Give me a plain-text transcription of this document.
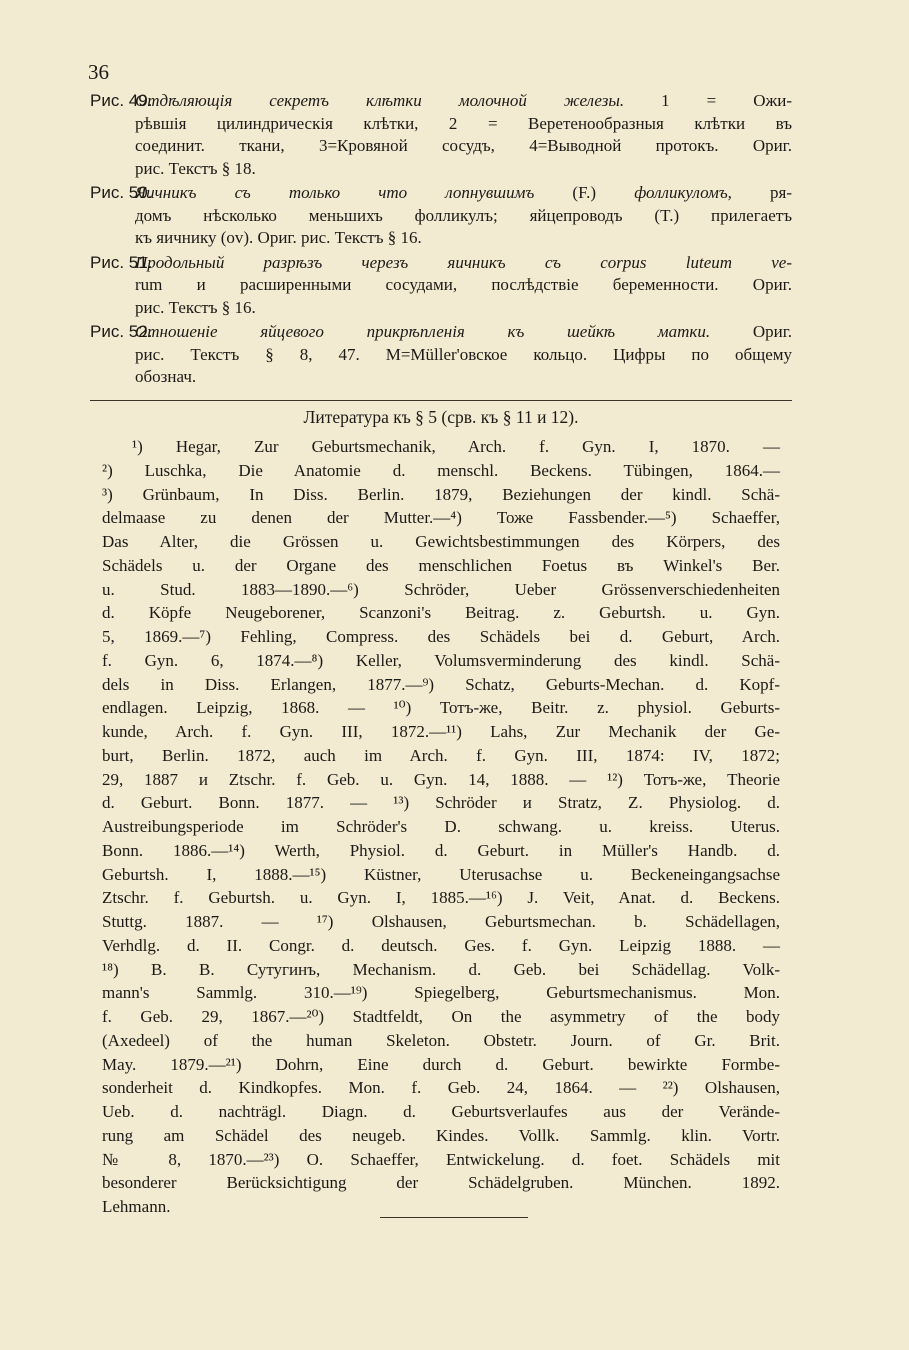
36
Рис. 49.
Отдѣляющія секретъ клѣтки молочной железы. 1 = Ожи-
рѣвшія цилиндрическія клѣтки, 2 = Веретенообразныя клѣтки въ
соединит. ткани, 3=Кровяной сосудъ, 4=Выводной протокъ. Ориг.
рис. Текстъ § 18.
Рис. 50.
Яичникъ съ только что лопнувшимъ (F.) фолликуломъ, ря-
домъ нѣсколько меньшихъ фолликулъ; яйцепроводъ (T.) прилегаетъ
къ яичнику (ov). Ориг. рис. Текстъ § 16.
Рис. 51.
Продольный разрѣзъ черезъ яичникъ съ corpus luteum ve-
rum и расширенными сосудами, послѣдствіе беременности. Ориг.
рис. Текстъ § 16.
Рис. 52.
Отношеніе яйцевого прикрѣпленія къ шейкѣ матки. Ориг.
рис. Текстъ § 8, 47. M=Müller'овское кольцо. Цифры по общему
обознач.
Литература къ § 5 (срв. къ § 11 и 12).
¹) Hegar, Zur Geburtsmechanik, Arch. f. Gyn. I, 1870. —
²) Luschka, Die Anatomie d. menschl. Beckens. Tübingen, 1864.—
³) Grünbaum, In Diss. Berlin. 1879, Beziehungen der kindl. Schä-
delmaase zu denen der Mutter.—⁴) Тоже Fassbender.—⁵) Schaeffer,
Das Alter, die Grössen u. Gewichtsbestimmungen des Körpers, des
Schädels u. der Organe des menschlichen Foetus въ Winkel's Ber.
u. Stud. 1883—1890.—⁶) Schröder, Ueber Grössenverschiedenheiten
d. Köpfe Neugeborener, Scanzoni's Beitrag. z. Geburtsh. u. Gyn.
5, 1869.—⁷) Fehling, Compress. des Schädels bei d. Geburt, Arch.
f. Gyn. 6, 1874.—⁸) Keller, Volumsverminderung des kindl. Schä-
dels in Diss. Erlangen, 1877.—⁹) Schatz, Geburts-Mechan. d. Kopf-
endlagen. Leipzig, 1868. — ¹⁰) Тотъ-же, Beitr. z. physiol. Geburts-
kunde, Arch. f. Gyn. III, 1872.—¹¹) Lahs, Zur Mechanik der Ge-
burt, Berlin. 1872, auch im Arch. f. Gyn. III, 1874: IV, 1872;
29, 1887 и Ztschr. f. Geb. u. Gyn. 14, 1888. — ¹²) Тотъ-же, Theorie
d. Geburt. Bonn. 1877. — ¹³) Schröder и Stratz, Z. Physiolog. d.
Austreibungsperiode im Schröder's D. schwang. u. kreiss. Uterus.
Bonn. 1886.—¹⁴) Werth, Physiol. d. Geburt. in Müller's Handb. d.
Geburtsh. I, 1888.—¹⁵) Küstner, Uterusachse u. Beckeneingangsachse
Ztschr. f. Geburtsh. u. Gyn. I, 1885.—¹⁶) J. Veit, Anat. d. Beckens.
Stuttg. 1887. — ¹⁷) Olshausen, Geburtsmechan. b. Schädellagen,
Verhdlg. d. II. Congr. d. deutsch. Ges. f. Gyn. Leipzig 1888. —
¹⁸) В. В. Сутугинъ, Mechanism. d. Geb. bei Schädellag. Volk-
mann's Sammlg. 310.—¹⁹) Spiegelberg, Geburtsmechanismus. Mon.
f. Geb. 29, 1867.—²⁰) Stadtfeldt, On the asymmetry of the body
(Axedeel) of the human Skeleton. Obstetr. Journ. of Gr. Brit.
May. 1879.—²¹) Dohrn, Eine durch d. Geburt. bewirkte Formbe-
sonderheit d. Kindkopfes. Mon. f. Geb. 24, 1864. — ²²) Olshausen,
Ueb. d. nachträgl. Diagn. d. Geburtsverlaufes aus der Verände-
rung am Schädel des neugeb. Kindes. Vollk. Sammlg. klin. Vortr.
№ 8, 1870.—²³) O. Schaeffer, Entwickelung. d. foet. Schädels mit
besonderer Berücksichtigung der Schädelgruben. München. 1892.
Lehmann.
